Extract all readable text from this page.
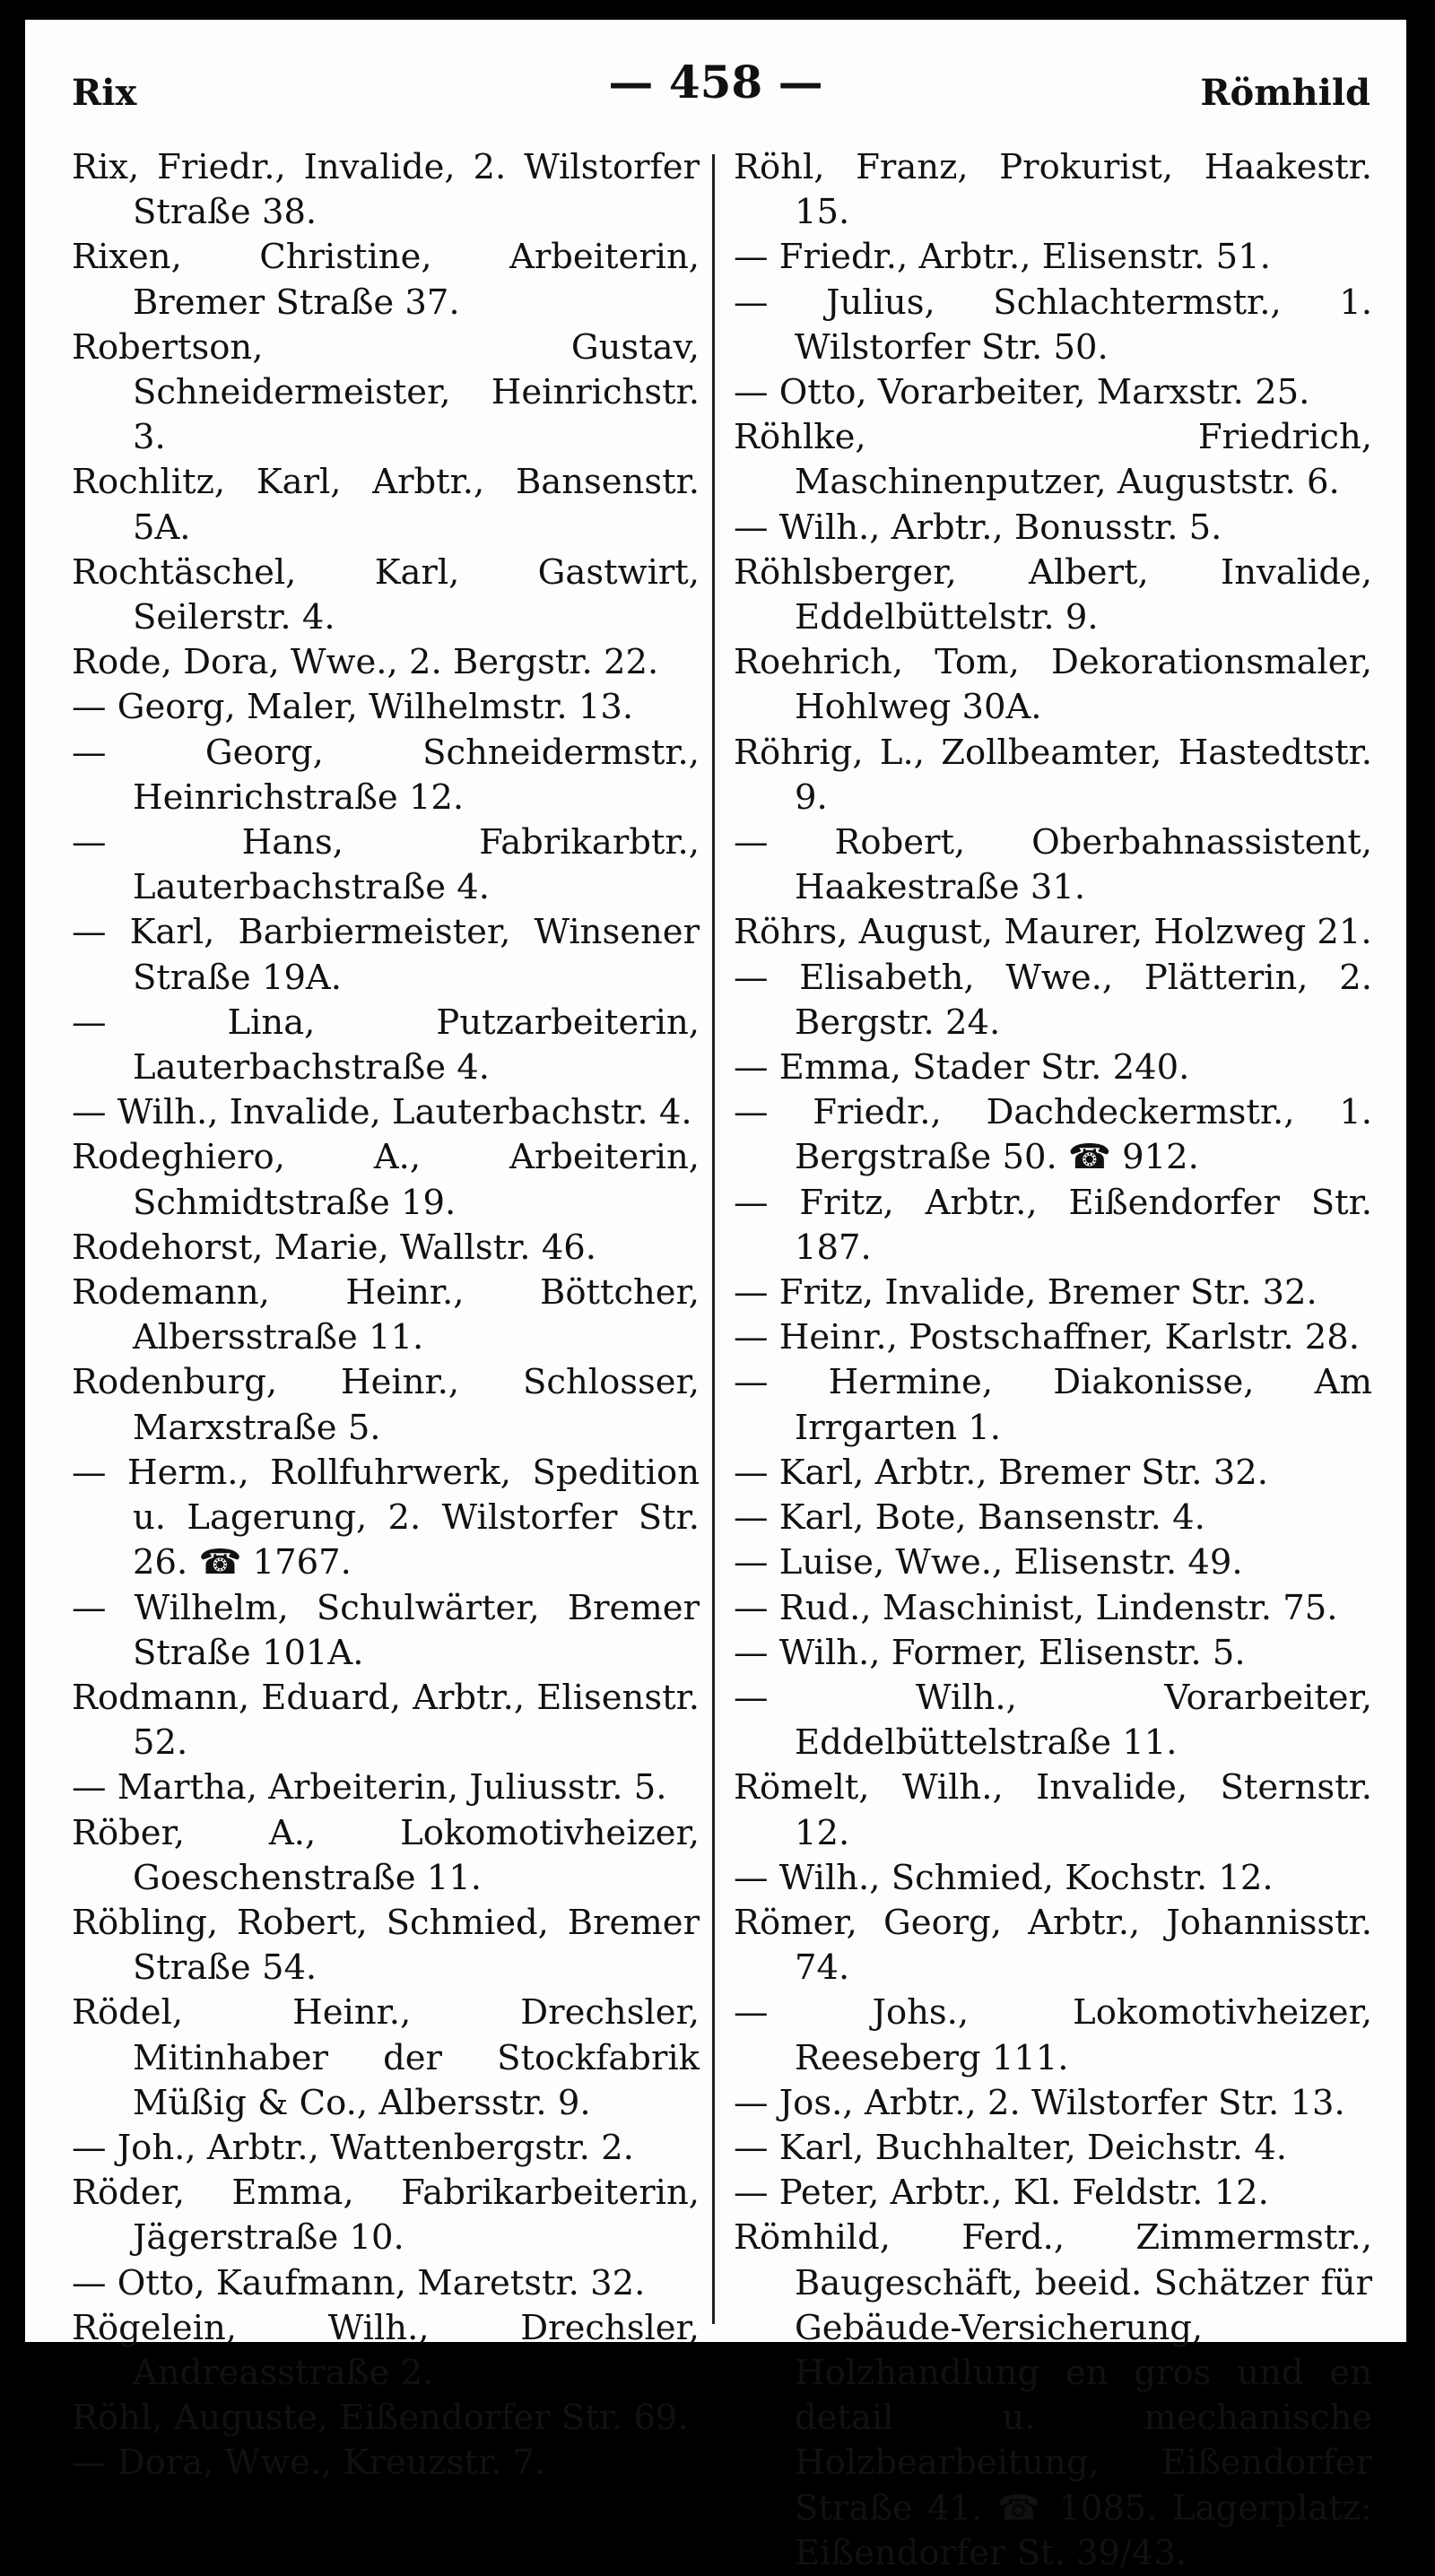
Rix	— 458 —	Römhild
Rix, Friedr., Invalide, 2. Wilstorfer Straße 38.
Rixen, Christine, Arbeiterin, Bremer Straße 37.
Robertson, Gustav, Schneidermeister, Heinrichstr. 3.
Rochlitz, Karl, Arbtr., Bansenstr. 5A.
Rochtäschel, Karl, Gastwirt, Seilerstr. 4.
Rode, Dora, Wwe., 2. Bergstr. 22.
— Georg, Maler, Wilhelmstr. 13.
— Georg, Schneidermstr., Heinrichstraße 12.
— Hans, Fabrikarbtr., Lauterbachstraße 4.
— Karl, Barbiermeister, Winsener Straße 19A.
— Lina, Putzarbeiterin, Lauterbachstraße 4.
— Wilh., Invalide, Lauterbachstr. 4.
Rodeghiero, A., Arbeiterin, Schmidtstraße 19.
Rodehorst, Marie, Wallstr. 46.
Rodemann, Heinr., Böttcher, Albersstraße 11.
Rodenburg, Heinr., Schlosser, Marxstraße 5.
— Herm., Rollfuhrwerk, Spedition u. Lagerung, 2. Wilstorfer Str. 26. ☎ 1767.
— Wilhelm, Schulwärter, Bremer Straße 101A.
Rodmann, Eduard, Arbtr., Elisenstr. 52.
— Martha, Arbeiterin, Juliusstr. 5.
Röber, A., Lokomotivheizer, Goeschenstraße 11.
Röbling, Robert, Schmied, Bremer Straße 54.
Rödel, Heinr., Drechsler, Mitinhaber der Stockfabrik Müßig & Co., Albersstr. 9.
— Joh., Arbtr., Wattenbergstr. 2.
Röder, Emma, Fabrikarbeiterin, Jägerstraße 10.
— Otto, Kaufmann, Maretstr. 32.
Rögelein, Wilh., Drechsler, Andreasstraße 2.
Röhl, Auguste, Eißendorfer Str. 69.
— Dora, Wwe., Kreuzstr. 7.
Röhl, Franz, Prokurist, Haakestr. 15.
— Friedr., Arbtr., Elisenstr. 51.
— Julius, Schlachtermstr., 1. Wilstorfer Str. 50.
— Otto, Vorarbeiter, Marxstr. 25.
Röhlke, Friedrich, Maschinenputzer, Auguststr. 6.
— Wilh., Arbtr., Bonusstr. 5.
Röhlsberger, Albert, Invalide, Eddelbüttelstr. 9.
Roehrich, Tom, Dekorationsmaler, Hohlweg 30A.
Röhrig, L., Zollbeamter, Hastedtstr. 9.
— Robert, Oberbahnassistent, Haakestraße 31.
Röhrs, August, Maurer, Holzweg 21.
— Elisabeth, Wwe., Plätterin, 2. Bergstr. 24.
— Emma, Stader Str. 240.
— Friedr., Dachdeckermstr., 1. Bergstraße 50. ☎ 912.
— Fritz, Arbtr., Eißendorfer Str. 187.
— Fritz, Invalide, Bremer Str. 32.
— Heinr., Postschaffner, Karlstr. 28.
— Hermine, Diakonisse, Am Irrgarten 1.
— Karl, Arbtr., Bremer Str. 32.
— Karl, Bote, Bansenstr. 4.
— Luise, Wwe., Elisenstr. 49.
— Rud., Maschinist, Lindenstr. 75.
— Wilh., Former, Elisenstr. 5.
— Wilh., Vorarbeiter, Eddelbüttelstraße 11.
Römelt, Wilh., Invalide, Sternstr. 12.
— Wilh., Schmied, Kochstr. 12.
Römer, Georg, Arbtr., Johannisstr. 74.
— Johs., Lokomotivheizer, Reeseberg 111.
— Jos., Arbtr., 2. Wilstorfer Str. 13.
— Karl, Buchhalter, Deichstr. 4.
— Peter, Arbtr., Kl. Feldstr. 12.
Römhild, Ferd., Zimmermstr., Baugeschäft, beeid. Schätzer für Gebäude-Versicherung, Holzhandlung en gros und en detail u. mechanische Holzbearbeitung, Eißendorfer Straße 41. ☎ 1085. Lagerplatz: Eißendorfer St. 39/43.
